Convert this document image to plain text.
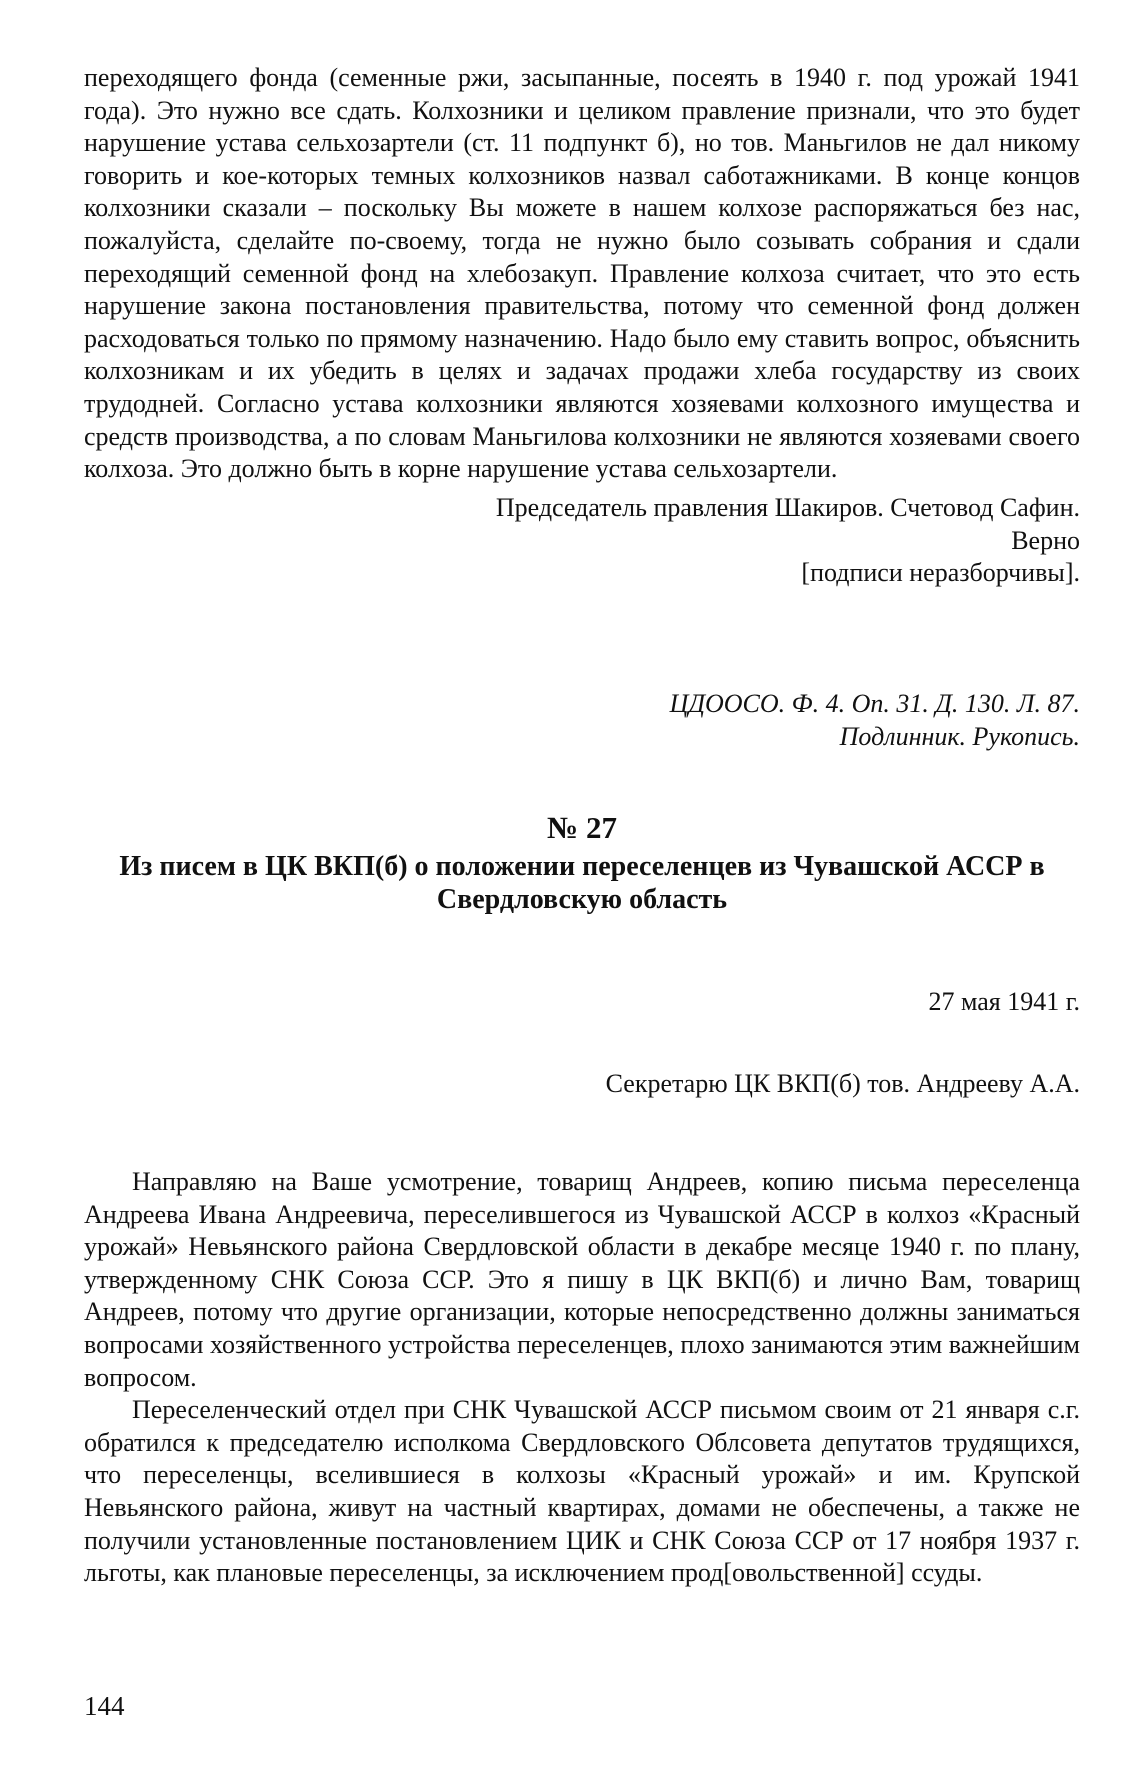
переходящего фонда (семенные ржи, засыпанные, посеять в 1940 г. под урожай 1941 года). Это нужно все сдать. Колхозники и целиком правление признали, что это будет нарушение устава сельхозартели (ст. 11 подпункт б), но тов. Маньгилов не дал никому говорить и кое-которых темных колхозников назвал саботажниками. В конце концов колхозники сказали – поскольку Вы можете в нашем колхозе распоряжаться без нас, пожалуйста, сделайте по-своему, тогда не нужно было созывать собрания и сдали переходящий семенной фонд на хлебозакуп. Правление колхоза считает, что это есть нарушение закона постановления правительства, потому что семенной фонд должен расходоваться только по прямому назначению. Надо было ему ставить вопрос, объяснить колхозникам и их убедить в целях и задачах продажи хлеба государству из своих трудодней. Согласно устава колхозники являются хозяевами колхозного имущества и средств производства, а по словам Маньгилова колхозники не являются хозяевами своего колхоза. Это должно быть в корне нарушение устава сельхозартели.

Председатель правления Шакиров. Счетовод Сафин.

Верно

[подписи неразборчивы].

ЦДООСО. Ф. 4. Оп. 31. Д. 130. Л. 87.

Подлинник. Рукопись.

№ 27

Из писем в ЦК ВКП(б) о положении переселенцев из Чувашской АССР в

Свердловскую область

27 мая 1941 г.

Секретарю ЦК ВКП(б) тов. Андрееву А.А.

Направляю на Ваше усмотрение, товарищ Андреев, копию письма переселенца Андреева Ивана Андреевича, переселившегося из Чувашской АССР в колхоз «Красный урожай» Невьянского района Свердловской области в декабре месяце 1940 г. по плану, утвержденному СНК Союза ССР. Это я пишу в ЦК ВКП(б) и лично Вам, товарищ Андреев, потому что другие организации, которые непосредственно должны заниматься вопросами хозяйственного устройства переселенцев, плохо занимаются этим важнейшим вопросом.

Переселенческий отдел при СНК Чувашской АССР письмом своим от 21 января с.г. обратился к председателю исполкома Свердловского Облсовета депутатов трудящихся, что переселенцы, вселившиеся в колхозы «Красный урожай» и им. Крупской Невьянского района, живут на частный квартирах, домами не обеспечены, а также не получили установленные постановлением ЦИК и СНК Союза ССР от 17 ноября 1937 г. льготы, как плановые переселенцы, за исключением прод[овольственной] ссуды.

144
